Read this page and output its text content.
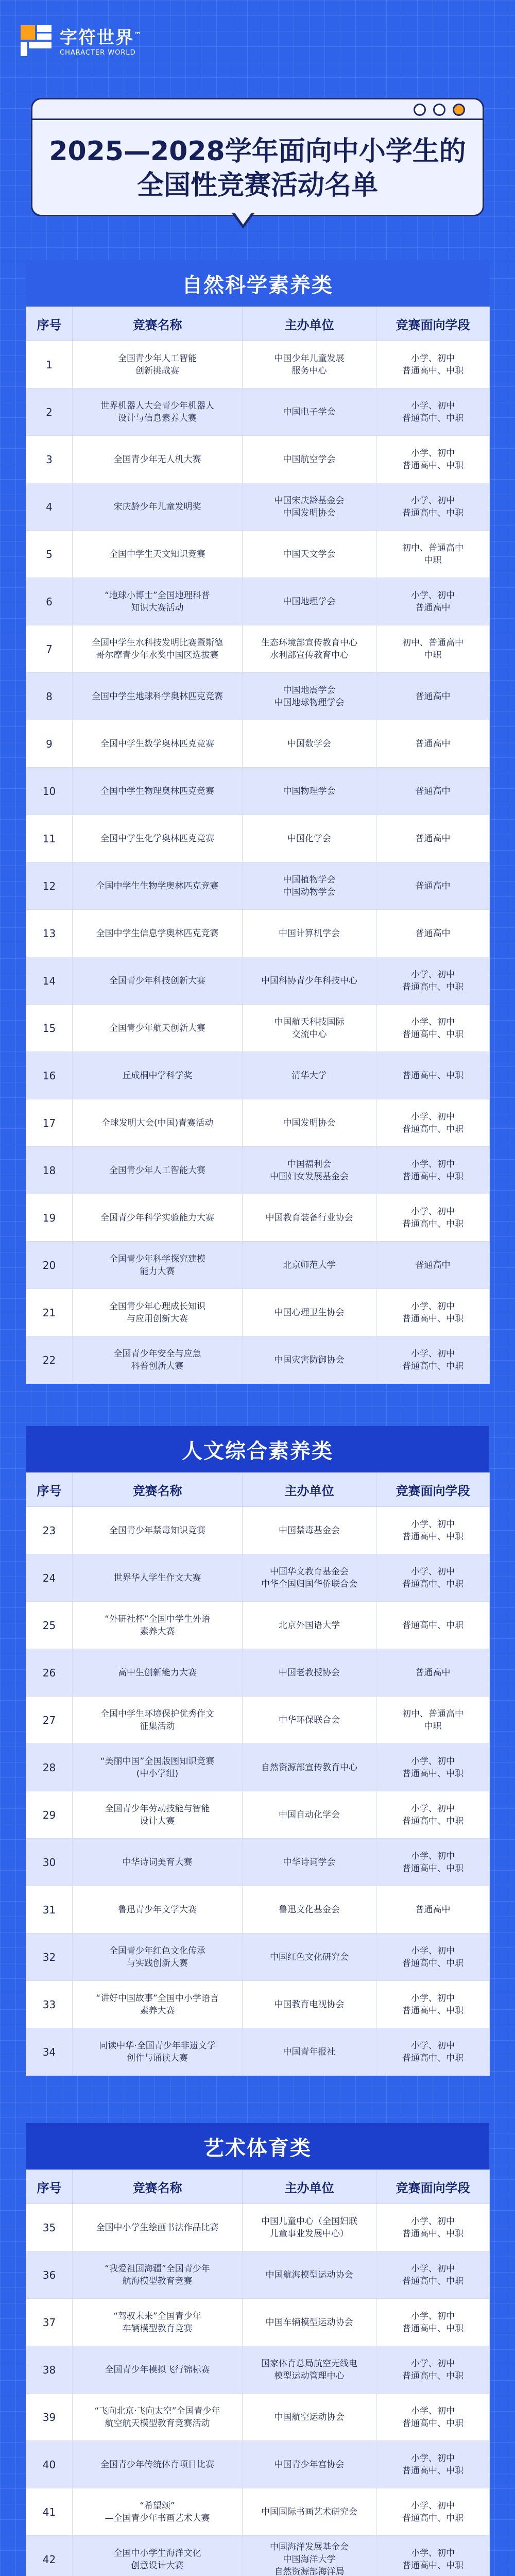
字符世界™
CHARACTER WORLD
2025—2028学年面向中小学生的
全国性竞赛活动名单
自然科学素养类
序号	竞赛名称	主办单位	竞赛面向学段
1	全国青少年人工智能
创新挑战赛	中国少年儿童发展
服务中心	小学、初中
普通高中、中职
2	世界机器人大会青少年机器人
设计与信息素养大赛	中国电子学会	小学、初中
普通高中、中职
3	全国青少年无人机大赛	中国航空学会	小学、初中
普通高中、中职
4	宋庆龄少年儿童发明奖	中国宋庆龄基金会
中国发明协会	小学、初中
普通高中、中职
5	全国中学生天文知识竞赛	中国天文学会	初中、普通高中
中职
6	“地球小博士”全国地理科普
知识大赛活动	中国地理学会	小学、初中
普通高中
7	全国中学生水科技发明比赛暨斯德
哥尔摩青少年水奖中国区选拔赛	生态环境部宣传教育中心
水利部宣传教育中心	初中、普通高中
中职
8	全国中学生地球科学奥林匹克竞赛	中国地震学会
中国地球物理学会	普通高中
9	全国中学生数学奥林匹克竞赛	中国数学会	普通高中
10	全国中学生物理奥林匹克竞赛	中国物理学会	普通高中
11	全国中学生化学奥林匹克竞赛	中国化学会	普通高中
12	全国中学生生物学奥林匹克竞赛	中国植物学会
中国动物学会	普通高中
13	全国中学生信息学奥林匹克竞赛	中国计算机学会	普通高中
14	全国青少年科技创新大赛	中国科协青少年科技中心	小学、初中
普通高中、中职
15	全国青少年航天创新大赛	中国航天科技国际
交流中心	小学、初中
普通高中、中职
16	丘成桐中学科学奖	清华大学	普通高中、中职
17	全球发明大会(中国)青赛活动	中国发明协会	小学、初中
普通高中、中职
18	全国青少年人工智能大赛	中国福利会
中国妇女发展基金会	小学、初中
普通高中、中职
19	全国青少年科学实验能力大赛	中国教育装备行业协会	小学、初中
普通高中、中职
20	全国青少年科学探究建模
能力大赛	北京师范大学	普通高中
21	全国青少年心理成长知识
与应用创新大赛	中国心理卫生协会	小学、初中
普通高中、中职
22	全国青少年安全与应急
科普创新大赛	中国灾害防御协会	小学、初中
普通高中、中职
人文综合素养类
序号	竞赛名称	主办单位	竞赛面向学段
23	全国青少年禁毒知识竞赛	中国禁毒基金会	小学、初中
普通高中、中职
24	世界华人学生作文大赛	中国华文教育基金会
中华全国归国华侨联合会	小学、初中
普通高中、中职
25	“外研社杯”全国中学生外语
素养大赛	北京外国语大学	普通高中、中职
26	高中生创新能力大赛	中国老教授协会	普通高中
27	全国中学生环境保护优秀作文
征集活动	中华环保联合会	初中、普通高中
中职
28	“美丽中国”全国版图知识竞赛
(中小学组)	自然资源部宣传教育中心	小学、初中
普通高中、中职
29	全国青少年劳动技能与智能
设计大赛	中国自动化学会	小学、初中
普通高中、中职
30	中华诗词美育大赛	中华诗词学会	小学、初中
普通高中、中职
31	鲁迅青少年文学大赛	鲁迅文化基金会	普通高中
32	全国青少年红色文化传承
与实践创新大赛	中国红色文化研究会	小学、初中
普通高中、中职
33	“讲好中国故事”全国中小学语言
素养大赛	中国教育电视协会	小学、初中
普通高中、中职
34	同读中华·全国青少年非遗文学
创作与诵读大赛	中国青年报社	小学、初中
普通高中、中职
艺术体育类
序号	竞赛名称	主办单位	竞赛面向学段
35	全国中小学生绘画书法作品比赛	中国儿童中心（全国妇联
儿童事业发展中心）	小学、初中
普通高中、中职
36	“我爱祖国海疆”全国青少年
航海模型教育竞赛	中国航海模型运动协会	小学、初中
普通高中、中职
37	“驾驭未来”全国青少年
车辆模型教育竞赛	中国车辆模型运动协会	小学、初中
普通高中、中职
38	全国青少年模拟飞行锦标赛	国家体育总局航空无线电
模型运动管理中心	小学、初中
普通高中、中职
39	“飞向北京·飞向太空”全国青少年
航空航天模型教育竞赛活动	中国航空运动协会	小学、初中
普通高中、中职
40	全国青少年传统体育项目比赛	中国青少年宫协会	小学、初中
普通高中、中职
41	“希望颂”
—全国青少年书画艺术大赛	中国国际书画艺术研究会	小学、初中
普通高中、中职
42	全国中小学生海洋文化
创意设计大赛	中国海洋发展基金会
中国海洋大学
自然资源部海洋局	小学、初中
普通高中、中职
